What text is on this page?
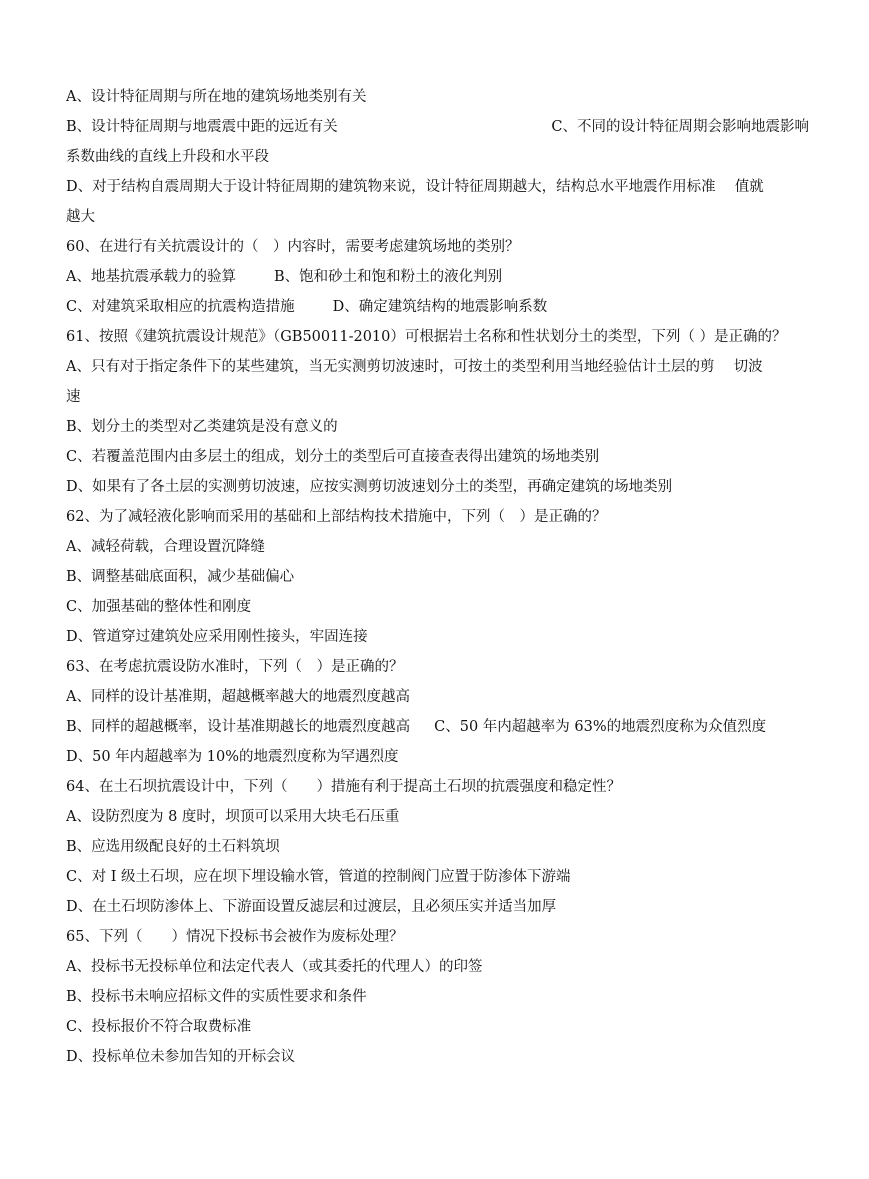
A、设计特征周期与所在地的建筑场地类别有关
B、设计特征周期与地震震中距的远近有关	C、不同的设计特征周期会影响地震影响
系数曲线的直线上升段和水平段
D、对于结构自震周期大于设计特征周期的建筑物来说，设计特征周期越大，结构总水平地震作用标准　 值就
越大
60、在进行有关抗震设计的（　）内容时，需要考虑建筑场地的类别？
A、地基抗震承载力的验算	B、饱和砂土和饱和粉土的液化判别
C、对建筑采取相应的抗震构造措施	D、确定建筑结构的地震影响系数
61、按照《建筑抗震设计规范》（GB50011-2010）可根据岩土名称和性状划分土的类型，下列（ ）是正确的？
A、只有对于指定条件下的某些建筑，当无实测剪切波速时，可按土的类型利用当地经验估计土层的剪　 切波
速
B、划分土的类型对乙类建筑是没有意义的
C、若覆盖范围内由多层土的组成，划分土的类型后可直接查表得出建筑的场地类别
D、如果有了各土层的实测剪切波速，应按实测剪切波速划分土的类型，再确定建筑的场地类别
62、为了减轻液化影响而采用的基础和上部结构技术措施中，下列（　）是正确的？
A、减轻荷载，合理设置沉降缝
B、调整基础底面积，减少基础偏心
C、加强基础的整体性和刚度
D、管道穿过建筑处应采用刚性接头，牢固连接
63、在考虑抗震设防水准时，下列（　）是正确的？
A、同样的设计基准期，超越概率越大的地震烈度越高
B、同样的超越概率，设计基准期越长的地震烈度越高 C、50 年内超越率为 63%的地震烈度称为众值烈度
D、50 年内超越率为 10%的地震烈度称为罕遇烈度
64、在土石坝抗震设计中，下列（　　）措施有利于提高土石坝的抗震强度和稳定性？
A、设防烈度为 8 度时，坝顶可以采用大块毛石压重
B、应选用级配良好的土石料筑坝
C、对 Ⅰ 级土石坝，应在坝下埋设输水管，管道的控制阀门应置于防渗体下游端
D、在土石坝防渗体上、下游面设置反滤层和过渡层，且必须压实并适当加厚
65、下列（　　）情况下投标书会被作为废标处理？
A、投标书无投标单位和法定代表人（或其委托的代理人）的印签
B、投标书未响应招标文件的实质性要求和条件
C、投标报价不符合取费标准
D、投标单位未参加告知的开标会议
